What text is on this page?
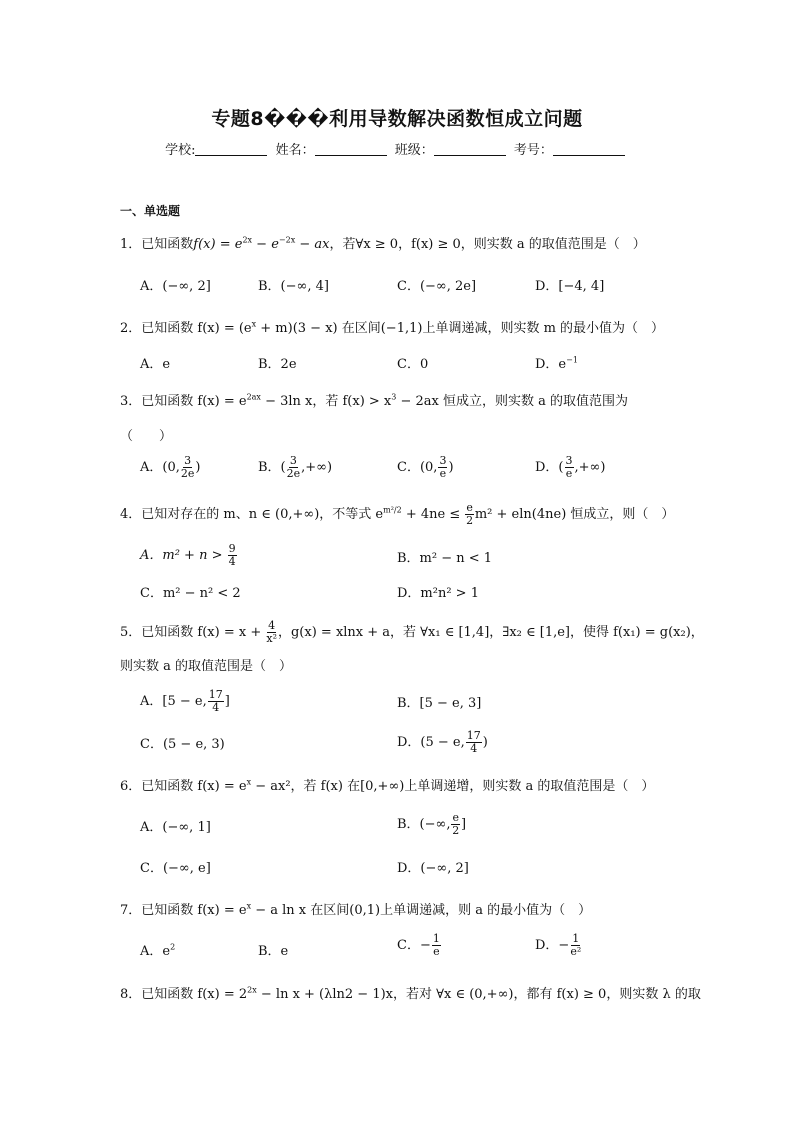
专题8���利用导数解决函数恒成立问题
学校:	姓名：	班级：	考号：
一、单选题
1．已知函数$f(x) = e^{2x} - e^{-2x}$ − ax，若∀x ≥ 0，f(x) ≥ 0，则实数 a 的取值范围是（　）
A．(−∞, 2]	B．(−∞, 4]	C．(−∞, 2e]	D．[−4, 4]
2．已知函数 $f(x) = (e^x + m)(3 - x)$ 在区间(−1,1)上单调递减，则实数 m 的最小值为（　）
A．e	B．2e	C．0	D．$e^{-1}$
3．已知函数 $f(x) = e^{2ax} - 3\ln$ x，若 $f(x) > x^3 - 2ax$ 恒成立，则实数 a 的取值范围为
（　　）
A．(0, $\frac{3}{2e}$ )	B．( $\frac{3}{2e}$ ,+∞)	C．(0, $\frac{3}{e}$ )	D．( $\frac{3}{e}$ ,+∞)
4．已知对存在的 m、n ∈ (0,+∞)，不等式 $e^{m^2/2} + 4ne \le \frac{e}{2} m^2 + eln(4ne)$ 恒成立，则（　）
A．$m^2 + n > \frac{9}{4}$	B．m² − n < 1
C．m² − n² < 2	D．m²n² > 1
5．已知函数 $f(x) = x + \frac{4}{\text{x²}}$ ，g(x) = xlnx + a，若 ∀x₁ ∈ [1,4]，∃x₂ ∈ [1,e]，使得 f(x₁) = g(x₂)，
则实数 a 的取值范围是（　）
A．[5 − e, $\frac{17}{4}$ ]	B．[5 − e, 3]
C．(5 − e, 3)	D．(5 − e, $\frac{17}{4}$ )
6．已知函数 $f(x) = e^x - ax^2$，若 f(x) 在[0,+∞)上单调递增，则实数 a 的取值范围是（　）
A．(−∞, 1]	B．(−∞, $\frac{e}{2}$ ]
C．(−∞, e]	D．(−∞, 2]
7．已知函数 $f(x) = e^x - a$ ln x 在区间(0,1)上单调递减，则 a 的最小值为（　）
A．$e^2$	B．e	C．− $\frac{1}{e}$	D．− $\frac{1}{\text{e²}}$
8．已知函数 $f(x) = 2^{2x} - \ln x + (\lambda\ln 2 - 1)x$，若对 ∀x ∈ (0,+∞)，都有 f(x) ≥ 0，则实数 λ 的取
